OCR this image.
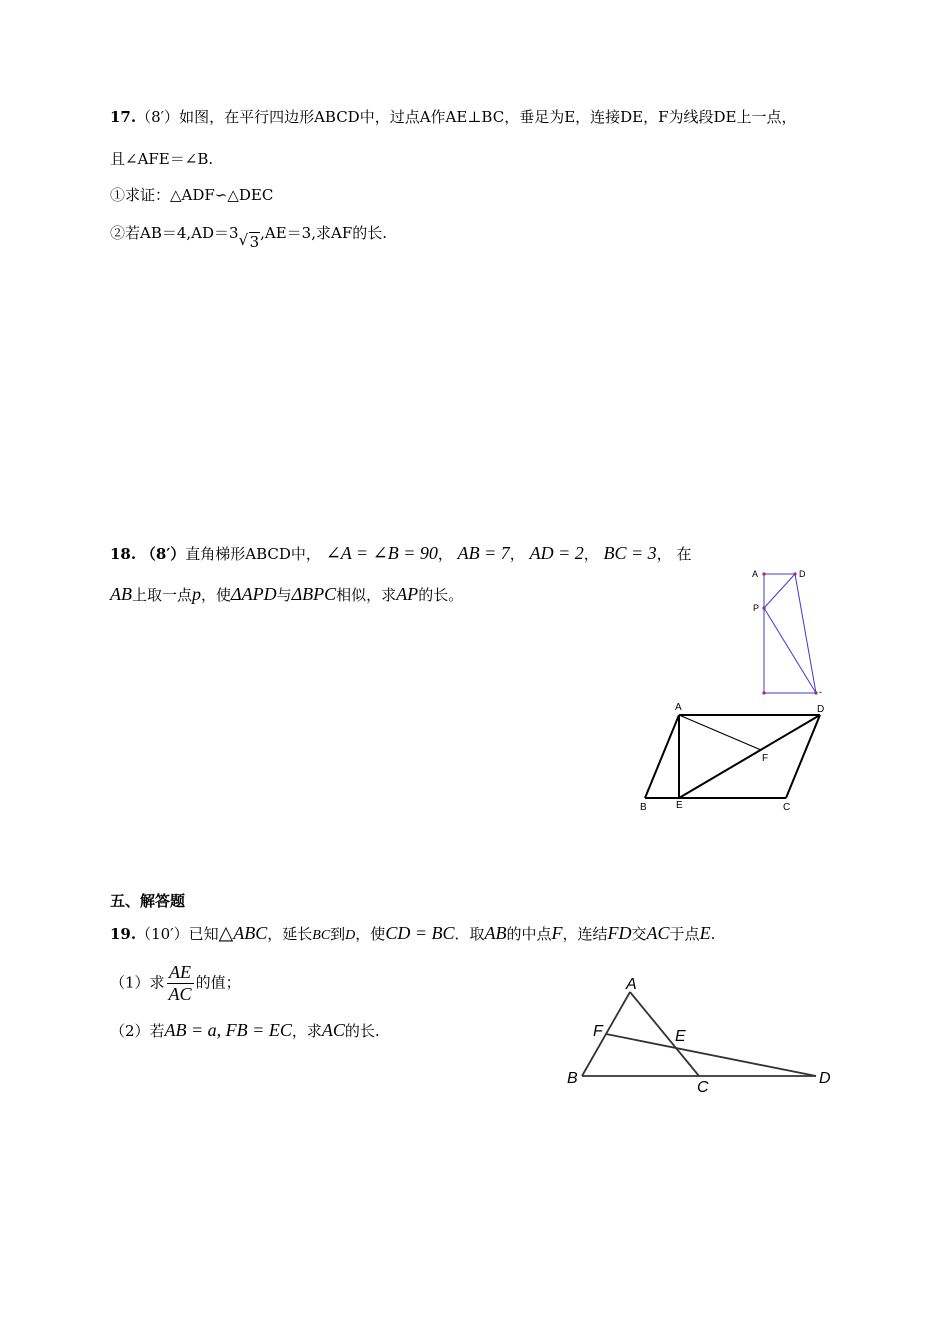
17.（8′）如图，在平行四边形ABCD中，过点A作AE⊥BC，垂足为E，连接DE，F为线段DE上一点，
且∠AFE＝∠B.
①求证：△ADF∽△DEC
②若AB＝4,AD＝3 √ 3,AE＝3,求AF的长.
18. （8′）直角梯形ABCD中， ∠A = ∠B = 90， AB = 7， AD = 2， BC = 3， 在
AB上取一点p，使ΔAPD与ΔBPC相似，求AP的长。
A	D
P
-
A	D
F
B	E	C
五、解答题
19.（10′）已知△ABC，延长BC到D，使CD = BC．取AB的中点F，连结FD交AC于点E.
（1）求 $\frac{AE}{AC}$ 的值；
（2）若AB = a, FB = EC，求AC的长.
A
F	E
B
C
D
